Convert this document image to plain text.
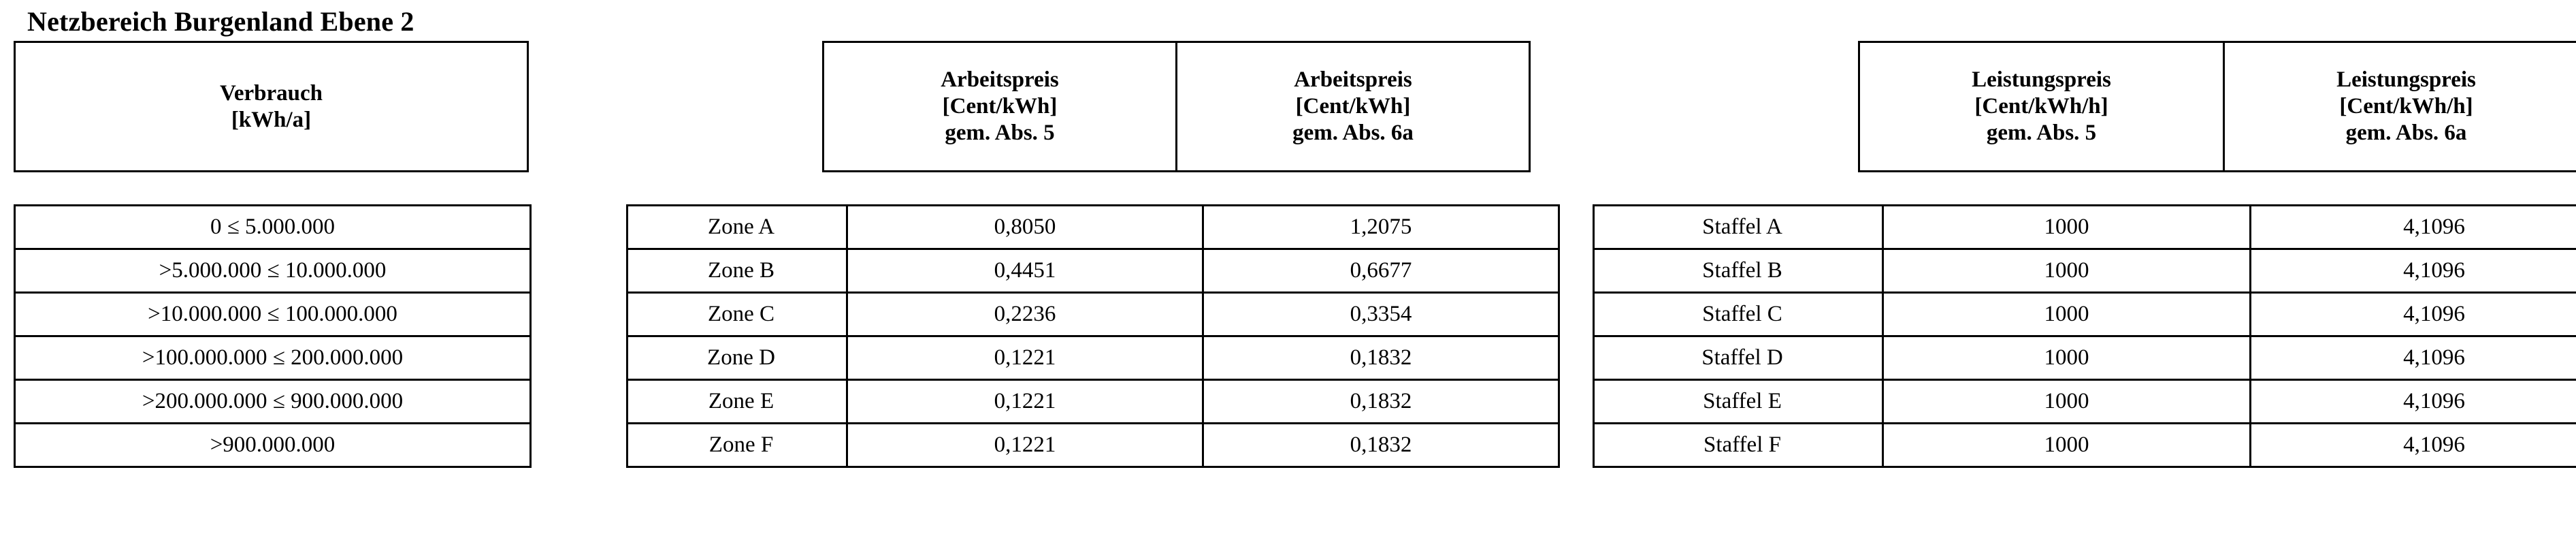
Netzbereich Burgenland Ebene 2
Verbrauch
[kWh/a]
0 ≤ 5.000.000
>5.000.000 ≤ 10.000.000
>10.000.000 ≤ 100.000.000
>100.000.000 ≤ 200.000.000
>200.000.000 ≤ 900.000.000
>900.000.000
Arbeitspreis
[Cent/kWh]
gem. Abs. 5

Arbeitspreis
[Cent/kWh]
gem. Abs. 6a
Zone A	0,8050	1,2075
Zone B	0,4451	0,6677
Zone C	0,2236	0,3354
Zone D	0,1221	0,1832
Zone E	0,1221	0,1832
Zone F	0,1221	0,1832
Leistungspreis
[Cent/kWh/h]
gem. Abs. 5

Leistungspreis
[Cent/kWh/h]
gem. Abs. 6a
Staffel A	1000	4,1096
Staffel B	1000	4,1096
Staffel C	1000	4,1096
Staffel D	1000	4,1096
Staffel E	1000	4,1096
Staffel F	1000	4,1096
